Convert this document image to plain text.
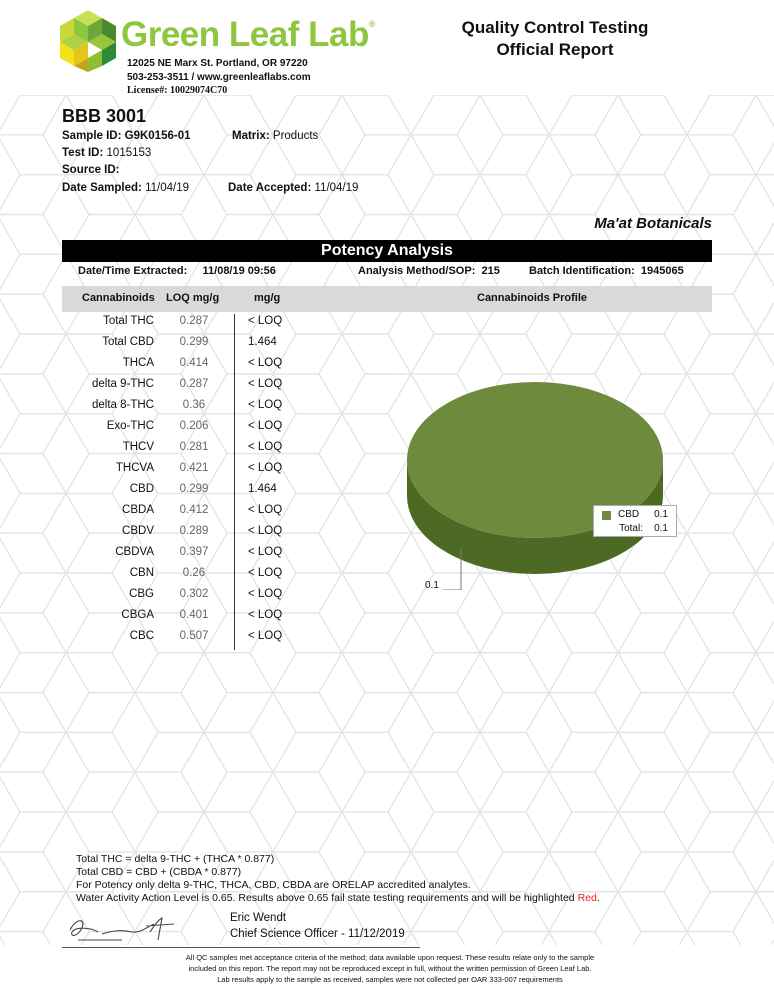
Green Leaf Lab®
12025 NE Marx St. Portland, OR 97220
503-253-3511 / www.greenleaflabs.com
License#: 10029074C70
Quality Control Testing
Official Report
BBB 3001
Sample ID: G9K0156-01	Matrix: Products
Test ID: 1015153
Source ID:
Date Sampled: 11/04/19	Date Accepted: 11/04/19
Ma'at Botanicals
Potency Analysis
Date/Time Extracted: 11/08/19 09:56	Analysis Method/SOP: 215	Batch Identification: 1945065
Cannabinoids LOQ mg/g	mg/g	Cannabinoids Profile
Total THC	0.287	< LOQ
Total CBD	0.299	1.464
THCA	0.414	< LOQ
delta 9-THC	0.287	< LOQ
delta 8-THC	0.36	< LOQ
Exo-THC	0.206	< LOQ
THCV	0.281	< LOQ
THCVA	0.421	< LOQ
CBD	0.299	1.464
CBDA	0.412	< LOQ
CBDV	0.289	< LOQ
CBDVA	0.397	< LOQ
CBN	0.26	< LOQ
CBG	0.302	< LOQ
CBGA	0.401	< LOQ
CBC	0.507	< LOQ
CBD 0.1
Total: 0.1
0.1
Total THC = delta 9-THC + (THCA * 0.877)
Total CBD = CBD + (CBDA * 0.877)
For Potency only delta 9-THC, THCA, CBD, CBDA are ORELAP accredited analytes.
Water Activity Action Level is 0.65. Results above 0.65 fail state testing requirements and will be highlighted Red.
Eric Wendt
Chief Science Officer - 11/12/2019
All QC samples met acceptance criteria of the method; data available upon request. These results relate only to the sample
included on this report. The report may not be reproduced except in full, without the written permission of Green Leaf Lab.
Lab results apply to the sample as received, samples were not collected per OAR 333-007 requirements
